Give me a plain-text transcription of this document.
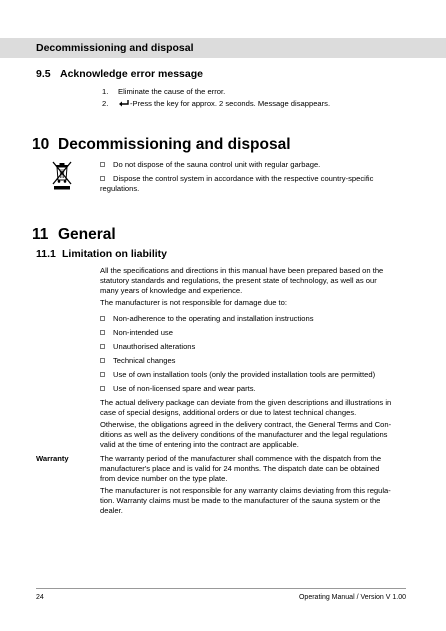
Decommissioning and disposal
9.5 Acknowledge error message
1. Eliminate the cause of the error.
2.	-Press the key for approx. 2 seconds. Message disappears.
10 Decommissioning and disposal
Do not dispose of the sauna control unit with regular garbage.
Dispose the control system in accordance with the respective country-specific
regulations.
11 General
11.1 Limitation on liability
All the specifications and directions in this manual have been prepared based on the
statutory standards and regulations, the present state of technology, as well as our
many years of knowledge and experience.
The manufacturer is not responsible for damage due to:
Non-adherence to the operating and installation instructions
Non-intended use
Unauthorised alterations
Technical changes
Use of own installation tools (only the provided installation tools are permitted)
Use of non-licensed spare and wear parts.
The actual delivery package can deviate from the given descriptions and illustrations in
case of special designs, additional orders or due to latest technical changes.
Otherwise, the obligations agreed in the delivery contract, the General Terms and Con-
ditions as well as the delivery conditions of the manufacturer and the legal regulations
valid at the time of entering into the contract are applicable.
Warranty	The warranty period of the manufacturer shall commence with the dispatch from the
manufacturer's place and is valid for 24 months. The dispatch date can be obtained
from device number on the type plate.
The manufacturer is not responsible for any warranty claims deviating from this regula-
tion. Warranty claims must be made to the manufacturer of the sauna system or the
dealer.
24	Operating Manual / Version V 1.00
